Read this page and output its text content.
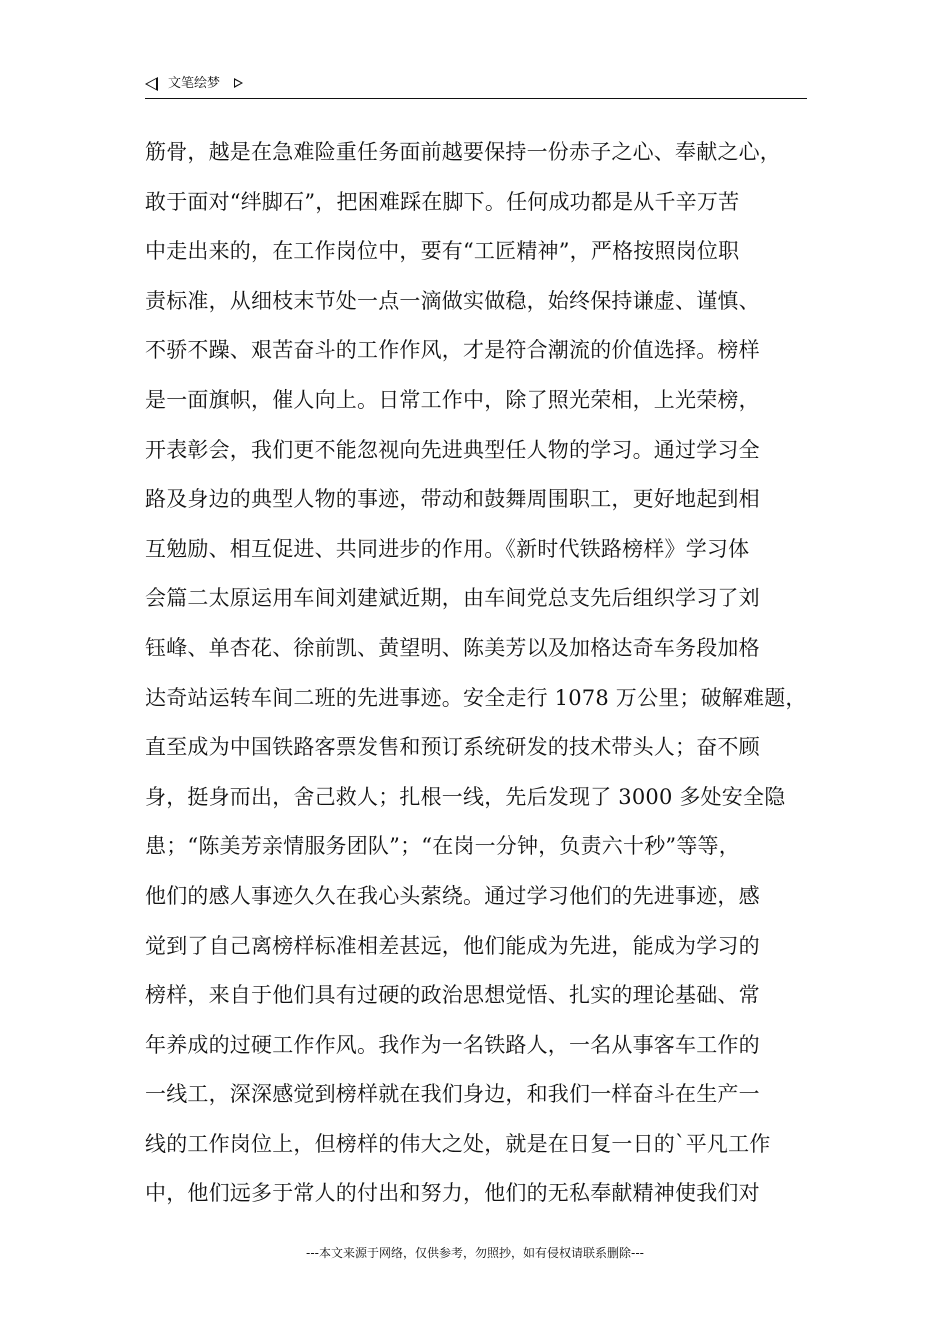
文笔绘梦
筋骨，越是在急难险重任务面前越要保持一份赤子之心、奉献之心，
敢于面对“绊脚石”，把困难踩在脚下。任何成功都是从千辛万苦
中走出来的，在工作岗位中，要有“工匠精神”，严格按照岗位职
责标准，从细枝末节处一点一滴做实做稳，始终保持谦虚、谨慎、
不骄不躁、艰苦奋斗的工作作风，才是符合潮流的价值选择。榜样
是一面旗帜，催人向上。日常工作中，除了照光荣相，上光荣榜，
开表彰会，我们更不能忽视向先进典型任人物的学习。通过学习全
路及身边的典型人物的事迹，带动和鼓舞周围职工，更好地起到相
互勉励、相互促进、共同进步的作用。《新时代铁路榜样》学习体
会篇二太原运用车间刘建斌近期，由车间党总支先后组织学习了刘
钰峰、单杏花、徐前凯、黄望明、陈美芳以及加格达奇车务段加格
达奇站运转车间二班的先进事迹。安全走行 1078 万公里；破解难题，
直至成为中国铁路客票发售和预订系统研发的技术带头人；奋不顾
身，挺身而出，舍己救人；扎根一线，先后发现了 3000 多处安全隐
患；“陈美芳亲情服务团队”；“在岗一分钟，负责六十秒”等等，
他们的感人事迹久久在我心头萦绕。通过学习他们的先进事迹，感
觉到了自己离榜样标准相差甚远，他们能成为先进，能成为学习的
榜样，来自于他们具有过硬的政治思想觉悟、扎实的理论基础、常
年养成的过硬工作作风。我作为一名铁路人，一名从事客车工作的
一线工，深深感觉到榜样就在我们身边，和我们一样奋斗在生产一
线的工作岗位上，但榜样的伟大之处，就是在日复一日的`平凡工作
中，他们远多于常人的付出和努力，他们的无私奉献精神使我们对
---本文来源于网络，仅供参考，勿照抄，如有侵权请联系删除---
